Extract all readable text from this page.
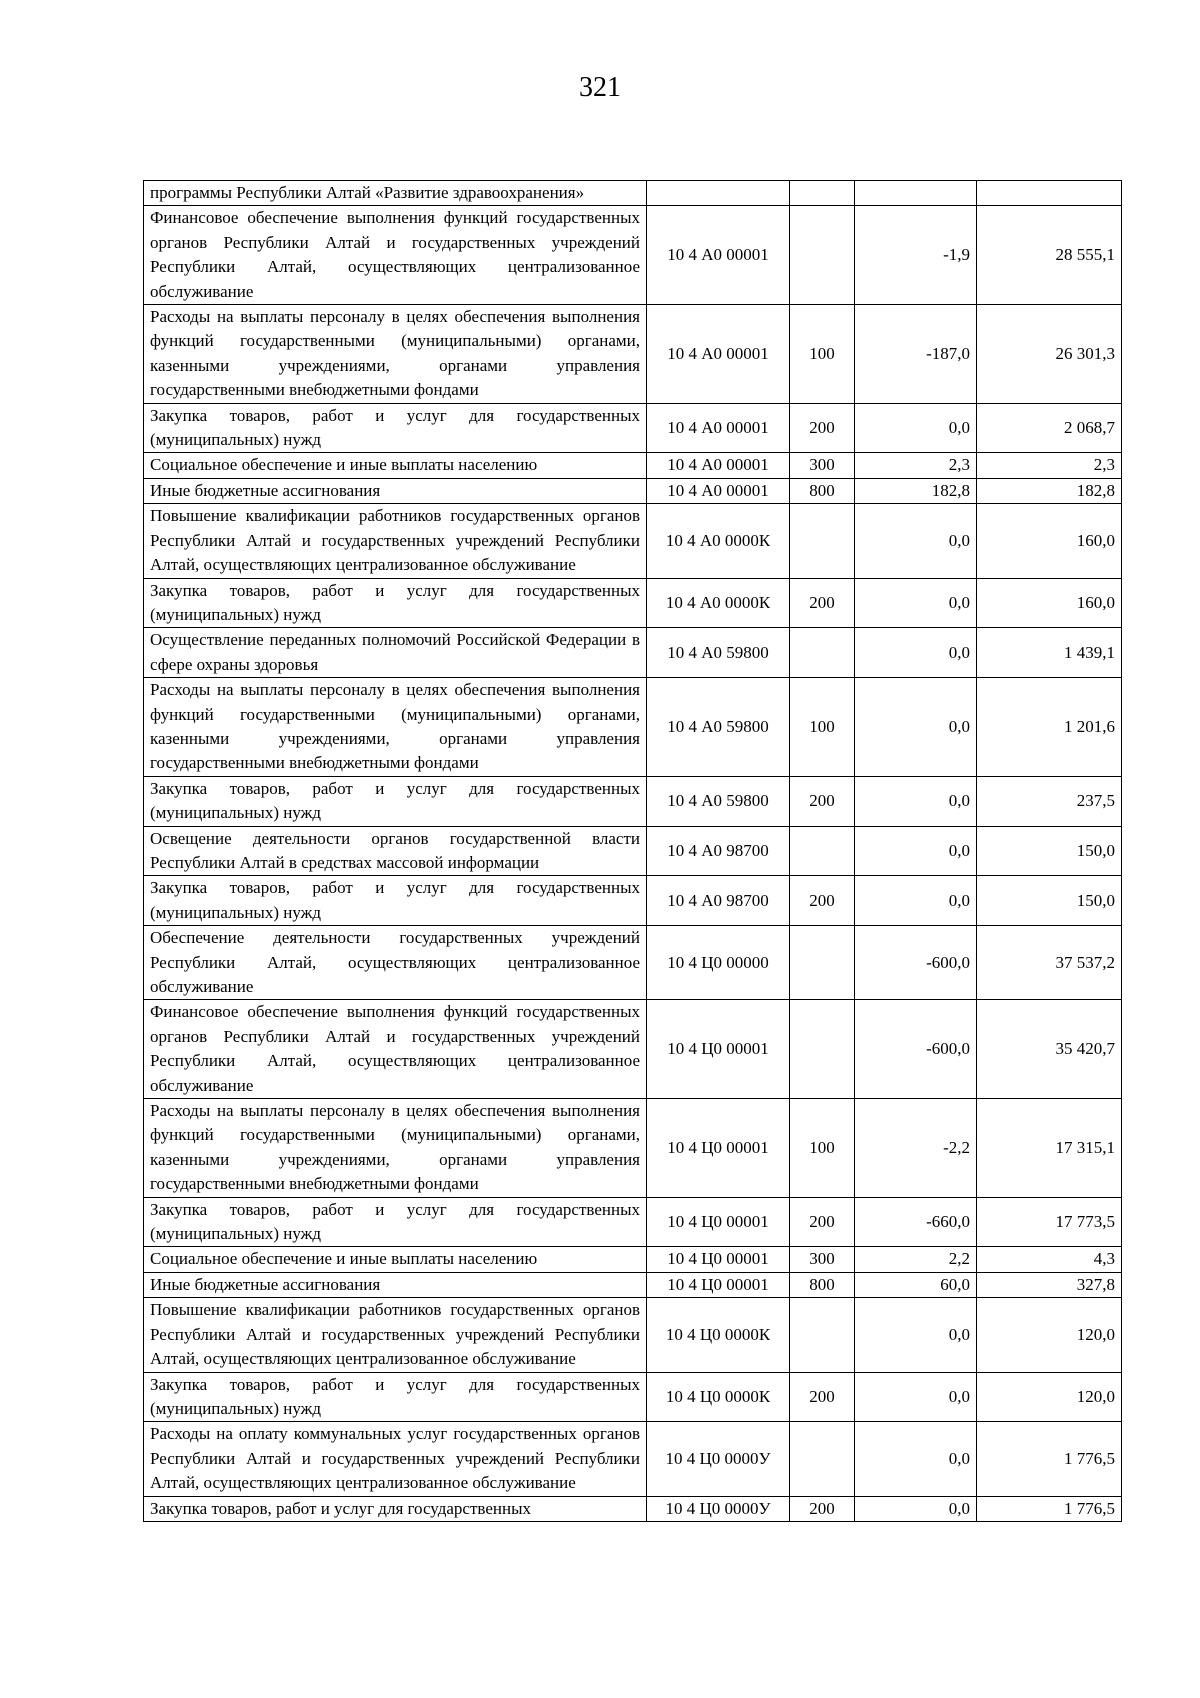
321
программы Республики Алтай «Развитие здравоохранения»				
Финансовое обеспечение выполнения функций государственных органов Республики Алтай и государственных учреждений Республики Алтай, осуществляющих централизованное обслуживание	10 4 А0 00001		-1,9	28 555,1
Расходы на выплаты персоналу в целях обеспечения выполнения функций государственными (муниципальными) органами, казенными учреждениями, органами управления государственными внебюджетными фондами	10 4 А0 00001	100	-187,0	26 301,3
Закупка товаров, работ и услуг для государственных (муниципальных) нужд	10 4 А0 00001	200	0,0	2 068,7
Социальное обеспечение и иные выплаты населению	10 4 А0 00001	300	2,3	2,3
Иные бюджетные ассигнования	10 4 А0 00001	800	182,8	182,8
Повышение квалификации работников государственных органов Республики Алтай и государственных учреждений Республики Алтай, осуществляющих централизованное обслуживание	10 4 А0 0000К		0,0	160,0
Закупка товаров, работ и услуг для государственных (муниципальных) нужд	10 4 А0 0000К	200	0,0	160,0
Осуществление переданных полномочий Российской Федерации в сфере охраны здоровья	10 4 А0 59800		0,0	1 439,1
Расходы на выплаты персоналу в целях обеспечения выполнения функций государственными (муниципальными) органами, казенными учреждениями, органами управления государственными внебюджетными фондами	10 4 А0 59800	100	0,0	1 201,6
Закупка товаров, работ и услуг для государственных (муниципальных) нужд	10 4 А0 59800	200	0,0	237,5
Освещение деятельности органов государственной власти Республики Алтай в средствах массовой информации	10 4 А0 98700		0,0	150,0
Закупка товаров, работ и услуг для государственных (муниципальных) нужд	10 4 А0 98700	200	0,0	150,0
Обеспечение деятельности государственных учреждений Республики Алтай, осуществляющих централизованное обслуживание	10 4 Ц0 00000		-600,0	37 537,2
Финансовое обеспечение выполнения функций государственных органов Республики Алтай и государственных учреждений Республики Алтай, осуществляющих централизованное обслуживание	10 4 Ц0 00001		-600,0	35 420,7
Расходы на выплаты персоналу в целях обеспечения выполнения функций государственными (муниципальными) органами, казенными учреждениями, органами управления государственными внебюджетными фондами	10 4 Ц0 00001	100	-2,2	17 315,1
Закупка товаров, работ и услуг для государственных (муниципальных) нужд	10 4 Ц0 00001	200	-660,0	17 773,5
Социальное обеспечение и иные выплаты населению	10 4 Ц0 00001	300	2,2	4,3
Иные бюджетные ассигнования	10 4 Ц0 00001	800	60,0	327,8
Повышение квалификации работников государственных органов Республики Алтай и государственных учреждений Республики Алтай, осуществляющих централизованное обслуживание	10 4 Ц0 0000К		0,0	120,0
Закупка товаров, работ и услуг для государственных (муниципальных) нужд	10 4 Ц0 0000К	200	0,0	120,0
Расходы на оплату коммунальных услуг государственных органов Республики Алтай и государственных учреждений Республики Алтай, осуществляющих централизованное обслуживание	10 4 Ц0 0000У		0,0	1 776,5
Закупка товаров, работ и услуг для государственных	10 4 Ц0 0000У	200	0,0	1 776,5
